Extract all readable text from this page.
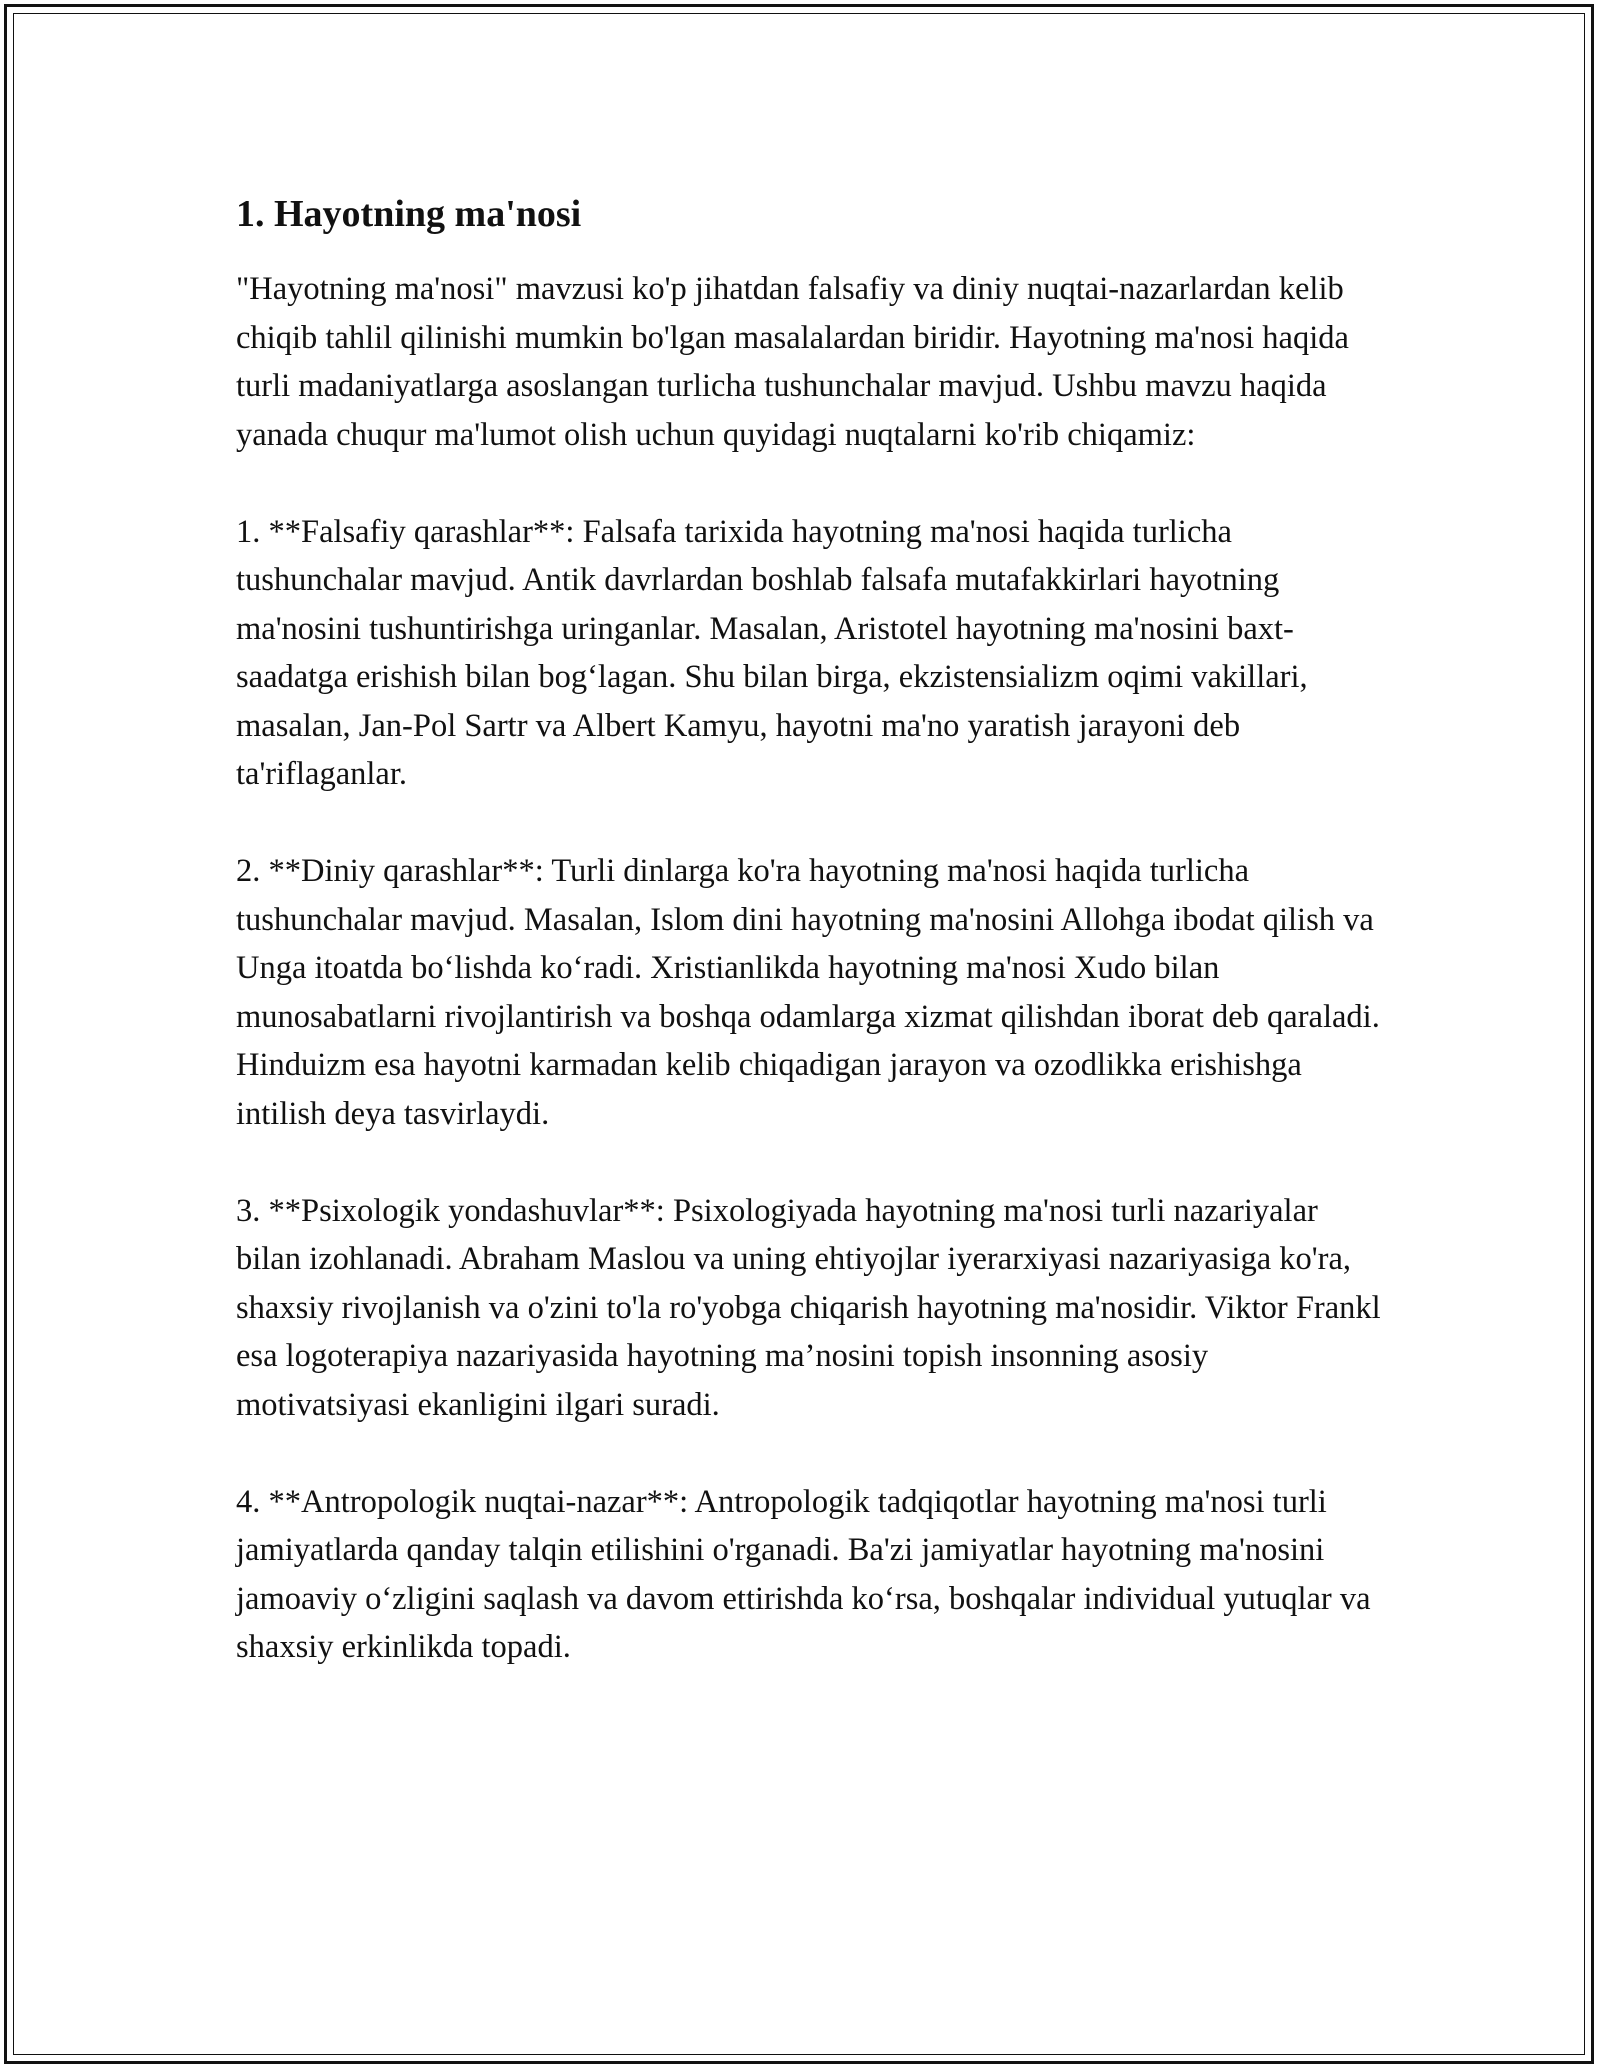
1. Hayotning ma'nosi

"Hayotning ma'nosi" mavzusi ko'p jihatdan falsafiy va diniy nuqtai-nazarlardan kelib chiqib tahlil qilinishi mumkin bo'lgan masalalardan biridir. Hayotning ma'nosi haqida turli madaniyatlarga asoslangan turlicha tushunchalar mavjud. Ushbu mavzu haqida yanada chuqur ma'lumot olish uchun quyidagi nuqtalarni ko'rib chiqamiz:

1. **Falsafiy qarashlar**: Falsafa tarixida hayotning ma'nosi haqida turlicha tushunchalar mavjud. Antik davrlardan boshlab falsafa mutafakkirlari hayotning ma'nosini tushuntirishga uringanlar. Masalan, Aristotel hayotning ma'nosini baxt-saadatga erishish bilan bogʻlagan. Shu bilan birga, ekzistensializm oqimi vakillari, masalan, Jan-Pol Sartr va Albert Kamyu, hayotni ma'no yaratish jarayoni deb ta'riflaganlar.

2. **Diniy qarashlar**: Turli dinlarga ko'ra hayotning ma'nosi haqida turlicha tushunchalar mavjud. Masalan, Islom dini hayotning ma'nosini Allohga ibodat qilish va Unga itoatda boʻlishda koʻradi. Xristianlikda hayotning ma'nosi Xudo bilan munosabatlarni rivojlantirish va boshqa odamlarga xizmat qilishdan iborat deb qaraladi. Hinduizm esa hayotni karmadan kelib chiqadigan jarayon va ozodlikka erishishga intilish deya tasvirlaydi.

3. **Psixologik yondashuvlar**: Psixologiyada hayotning ma'nosi turli nazariyalar bilan izohlanadi. Abraham Maslou va uning ehtiyojlar iyerarxiyasi nazariyasiga ko'ra, shaxsiy rivojlanish va o'zini to'la ro'yobga chiqarish hayotning ma'nosidir. Viktor Frankl esa logoterapiya nazariyasida hayotning ma’nosini topish insonning asosiy motivatsiyasi ekanligini ilgari suradi.

4. **Antropologik nuqtai-nazar**: Antropologik tadqiqotlar hayotning ma'nosi turli jamiyatlarda qanday talqin etilishini o'rganadi. Ba'zi jamiyatlar hayotning ma'nosini jamoaviy oʻzligini saqlash va davom ettirishda koʻrsa, boshqalar individual yutuqlar va shaxsiy erkinlikda topadi.
